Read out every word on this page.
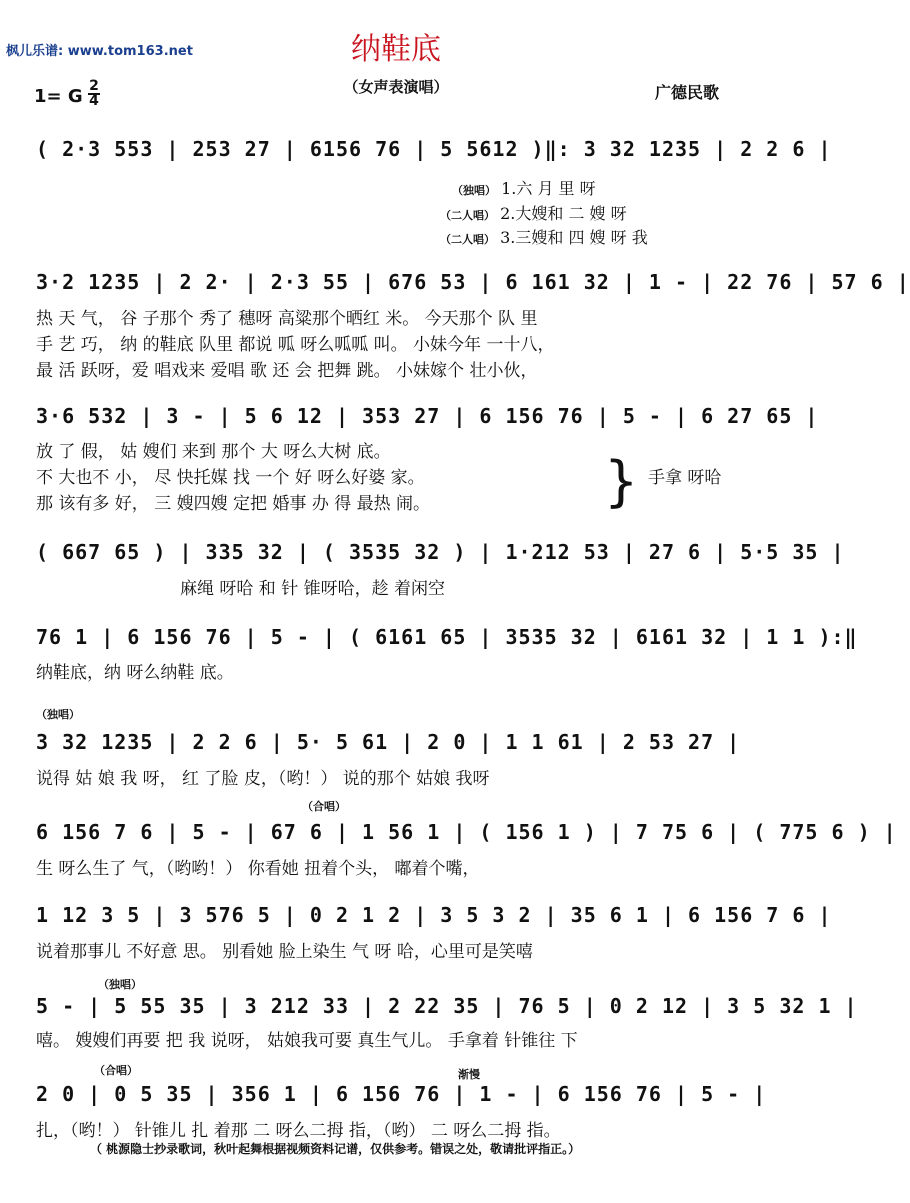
枫儿乐谱: www.tom163.net	纳鞋底
（女声表演唱）
1= G $\frac{2}{4}$	广德民歌
( 2·3 553 | 253 27 | 6156 76 | 5 5612 )‖: 3 32 1235 | 2 2 6 |
（独唱） 1.六 月 里 呀
（二人唱） 2.大嫂和 二 嫂 呀
（二人唱） 3.三嫂和 四 嫂 呀 我
3·2 1235 | 2 2· | 2·3 55 | 676 53 | 6 161 32 | 1 - | 22 76 | 57 6 |
热 天 气， 谷 子那个 秀了 穗呀 高粱那个晒红 米。 今天那个 队 里
手 艺 巧， 纳 的鞋底 队里 都说 呱 呀么呱呱 叫。 小妹今年 一十八，
最 活 跃呀，爱 唱戏来 爱唱 歌 还 会 把舞 跳。 小妹嫁个 壮小伙，
3·6 532 | 3 - | 5 6 12 | 353 27 | 6 156 76 | 5 - | 6 27 65 |
放 了 假， 姑 嫂们 来到 那个 大 呀么大树 底。
不 大也不 小， 尽 快托媒 找 一个 好 呀么好婆 家。
那 该有多 好， 三 嫂四嫂 定把 婚事 办 得 最热 闹。	} 手拿 呀哈
( 667 65 ) | 335 32 | ( 3535 32 ) | 1·212 53 | 27 6 | 5·5 35 |
麻绳 呀哈 和 针 锥呀哈，趁 着闲空
76 1 | 6 156 76 | 5 - | ( 6161 65 | 3535 32 | 6161 32 | 1 1 ):‖
纳鞋底，纳 呀么纳鞋 底。
（独唱）
3 32 1235 | 2 2 6 | 5· 5 61 | 2 0 | 1 1 61 | 2 53 27 |
说得 姑 娘 我 呀， 红 了脸 皮，（哟！） 说的那个 姑娘 我呀
（合唱）
6 156 7 6 | 5 - | 67 6 | 1 56 1 | ( 156 1 ) | 7 75 6 | ( 775 6 ) |
生 呀么生了 气，（哟哟！） 你看她 扭着个头， 嘟着个嘴，
1 12 3 5 | 3 576 5 | 0 2 1 2 | 3 5 3 2 | 35 6 1 | 6 156 7 6 |
说着那事儿 不好意 思。 别看她 脸上染生 气 呀 哈，心里可是笑嘻
（独唱）
5 - | 5 55 35 | 3 212 33 | 2 22 35 | 76 5 | 0 2 12 | 3 5 32 1 |
嘻。 嫂嫂们再要 把 我 说呀， 姑娘我可要 真生气儿。 手拿着 针锥往 下
（合唱）	渐慢
2 0 | 0 5 35 | 356 1 | 6 156 76 | 1 - | 6 156 76 | 5 - |
扎，（哟！） 针锥儿 扎 着那 二 呀么二拇 指，（哟） 二 呀么二拇 指。
（ 桃源隐士抄录歌词，秋叶起舞根据视频资料记谱，仅供参考。错误之处，敬请批评指正。）
